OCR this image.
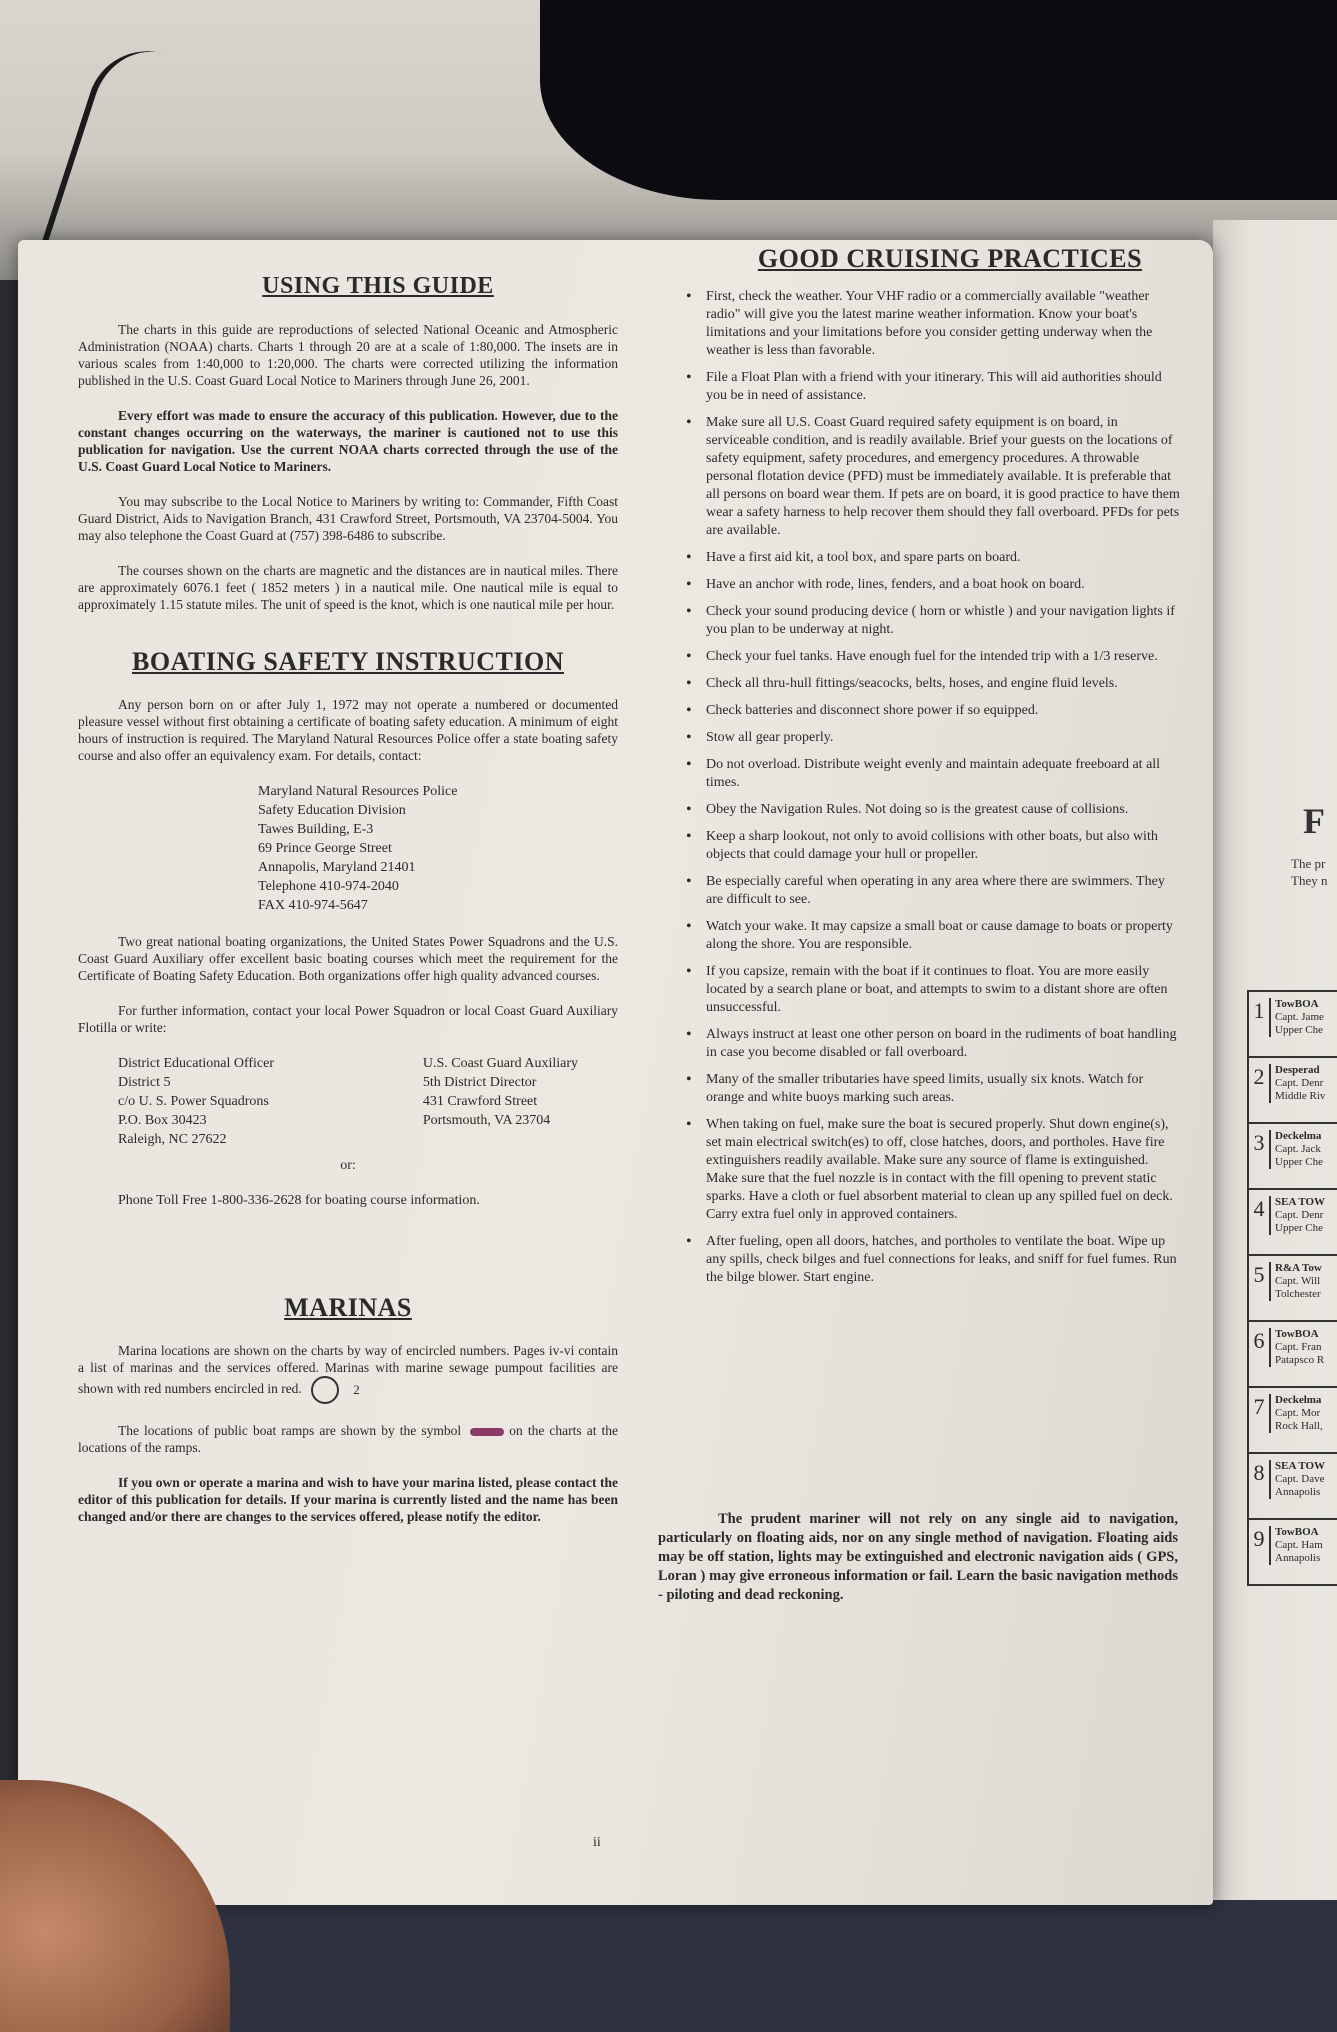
F
The pr
They n
1 TowBOA
Capt. Jame
Upper Che
2 Desperad
Capt. Denr
Middle Riv
3 Deckelma
Capt. Jack
Upper Che
4 SEA TOW
Capt. Denr
Upper Che
5 R&A Tow
Capt. Will
Tolchester
6 TowBOA
Capt. Fran
Patapsco R
7 Deckelma
Capt. Mor
Rock Hall,
8 SEA TOW
Capt. Dave
Annapolis
9 TowBOA
Capt. Ham
Annapolis
USING THIS GUIDE

The charts in this guide are reproductions of selected National Oceanic and Atmospheric Administration (NOAA) charts. Charts 1 through 20 are at a scale of 1:80,000. The insets are in various scales from 1:40,000 to 1:20,000. The charts were corrected utilizing the information published in the U.S. Coast Guard Local Notice to Mariners through June 26, 2001.

Every effort was made to ensure the accuracy of this publication. However, due to the constant changes occurring on the waterways, the mariner is cautioned not to use this publication for navigation. Use the current NOAA charts corrected through the use of the U.S. Coast Guard Local Notice to Mariners.

You may subscribe to the Local Notice to Mariners by writing to: Commander, Fifth Coast Guard District, Aids to Navigation Branch, 431 Crawford Street, Portsmouth, VA 23704-5004. You may also telephone the Coast Guard at (757) 398-6486 to subscribe.

The courses shown on the charts are magnetic and the distances are in nautical miles. There are approximately 6076.1 feet ( 1852 meters ) in a nautical mile. One nautical mile is equal to approximately 1.15 statute miles. The unit of speed is the knot, which is one nautical mile per hour.

BOATING SAFETY INSTRUCTION

Any person born on or after July 1, 1972 may not operate a numbered or documented pleasure vessel without first obtaining a certificate of boating safety education. A minimum of eight hours of instruction is required. The Maryland Natural Resources Police offer a state boating safety course and also offer an equivalency exam. For details, contact:

Maryland Natural Resources Police
Safety Education Division
Tawes Building, E-3
69 Prince George Street
Annapolis, Maryland 21401
Telephone 410-974-2040
FAX 410-974-5647

Two great national boating organizations, the United States Power Squadrons and the U.S. Coast Guard Auxiliary offer excellent basic boating courses which meet the requirement for the Certificate of Boating Safety Education. Both organizations offer high quality advanced courses.

For further information, contact your local Power Squadron or local Coast Guard Auxiliary Flotilla or write:

District Educational Officer
District 5
c/o U. S. Power Squadrons
P.O. Box 30423
Raleigh, NC 27622
U.S. Coast Guard Auxiliary
5th District Director
431 Crawford Street
Portsmouth, VA 23704
or:
Phone Toll Free 1-800-336-2628 for boating course information.
MARINAS

Marina locations are shown on the charts by way of encircled numbers. Pages iv-vi contain a list of marinas and the services offered. Marinas with marine sewage pumpout facilities are shown with red numbers encircled in red.	2

The locations of public boat ramps are shown by the symbol	on the charts at the locations of the ramps.

If you own or operate a marina and wish to have your marina listed, please contact the editor of this publication for details. If your marina is currently listed and the name has been changed and/or there are changes to the services offered, please notify the editor.

GOOD CRUISING PRACTICES
• First, check the weather. Your VHF radio or a commercially available "weather radio" will give you the latest marine weather information. Know your boat's limitations and your limitations before you consider getting underway when the weather is less than favorable.
• File a Float Plan with a friend with your itinerary. This will aid authorities should you be in need of assistance.
• Make sure all U.S. Coast Guard required safety equipment is on board, in serviceable condition, and is readily available. Brief your guests on the locations of safety equipment, safety procedures, and emergency procedures. A throwable personal flotation device (PFD) must be immediately available. It is preferable that all persons on board wear them. If pets are on board, it is good practice to have them wear a safety harness to help recover them should they fall overboard. PFDs for pets are available.
• Have a first aid kit, a tool box, and spare parts on board.
• Have an anchor with rode, lines, fenders, and a boat hook on board.
• Check your sound producing device ( horn or whistle ) and your navigation lights if you plan to be underway at night.
• Check your fuel tanks. Have enough fuel for the intended trip with a 1/3 reserve.
• Check all thru-hull fittings/seacocks, belts, hoses, and engine fluid levels.
• Check batteries and disconnect shore power if so equipped.
• Stow all gear properly.
• Do not overload. Distribute weight evenly and maintain adequate freeboard at all times.
• Obey the Navigation Rules. Not doing so is the greatest cause of collisions.
• Keep a sharp lookout, not only to avoid collisions with other boats, but also with objects that could damage your hull or propeller.
• Be especially careful when operating in any area where there are swimmers. They are difficult to see.
• Watch your wake. It may capsize a small boat or cause damage to boats or property along the shore. You are responsible.
• If you capsize, remain with the boat if it continues to float. You are more easily located by a search plane or boat, and attempts to swim to a distant shore are often unsuccessful.
• Always instruct at least one other person on board in the rudiments of boat handling in case you become disabled or fall overboard.
• Many of the smaller tributaries have speed limits, usually six knots. Watch for orange and white buoys marking such areas.
• When taking on fuel, make sure the boat is secured properly. Shut down engine(s), set main electrical switch(es) to off, close hatches, doors, and portholes. Have fire extinguishers readily available. Make sure any source of flame is extinguished. Make sure that the fuel nozzle is in contact with the fill opening to prevent static sparks. Have a cloth or fuel absorbent material to clean up any spilled fuel on deck. Carry extra fuel only in approved containers.
• After fueling, open all doors, hatches, and portholes to ventilate the boat. Wipe up any spills, check bilges and fuel connections for leaks, and sniff for fuel fumes. Run the bilge blower. Start engine.
The prudent mariner will not rely on any single aid to navigation, particularly on floating aids, nor on any single method of navigation. Floating aids may be off station, lights may be extinguished and electronic navigation aids ( GPS, Loran ) may give erroneous information or fail. Learn the basic navigation methods - piloting and dead reckoning.
ii
